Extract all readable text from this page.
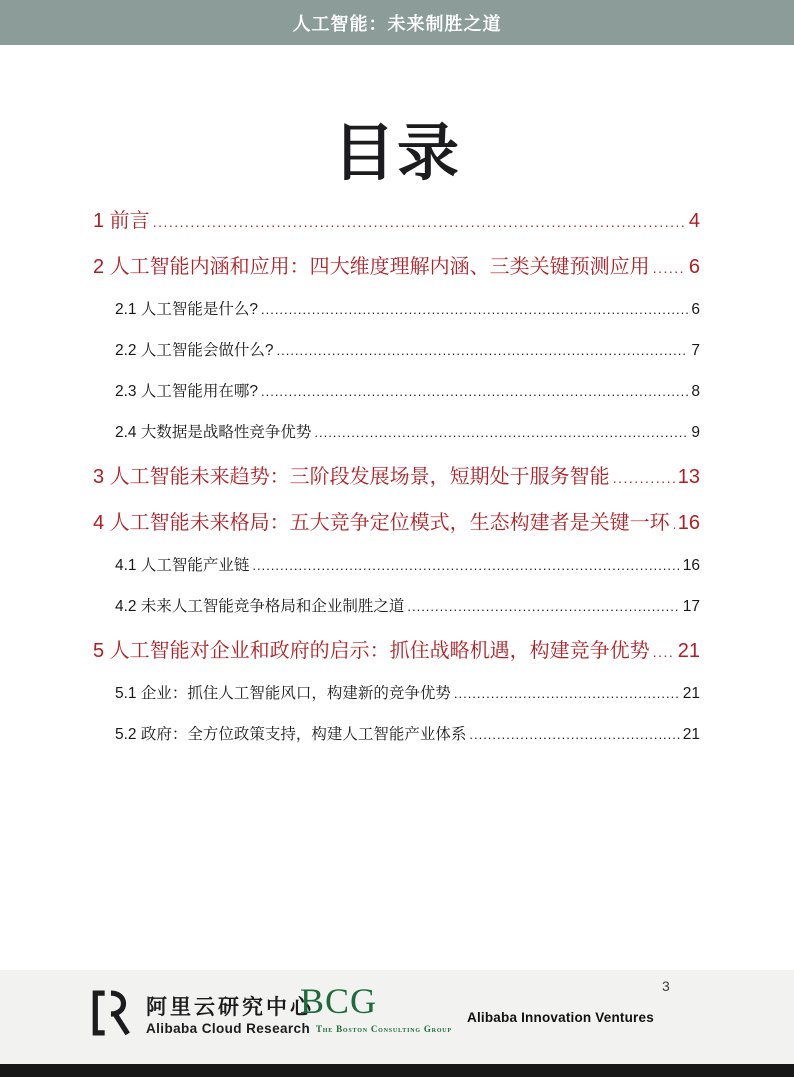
人工智能：未来制胜之道
目录
1 前言 .....	4
2 人工智能内涵和应用：四大维度理解内涵、三类关键预测应用 ..... 6
2.1 人工智能是什么? .....	6
2.2 人工智能会做什么? .....	7
2.3 人工智能用在哪? .....	8
2.4 大数据是战略性竞争优势 .....	9
3 人工智能未来趋势：三阶段发展场景，短期处于服务智能 .....	13
4 人工智能未来格局：五大竞争定位模式，生态构建者是关键一环 ..... 16
4.1 人工智能产业链 .....	16
4.2 未来人工智能竞争格局和企业制胜之道 .....	17
5 人工智能对企业和政府的启示：抓住战略机遇，构建竞争优势 ..... 21
5.1 企业：抓住人工智能风口，构建新的竞争优势 .....	21
5.2 政府：全方位政策支持，构建人工智能产业体系 .....	21
3
阿里云研究中心
Alibaba Cloud Research
BCG
The Boston Consulting Group
Alibaba Innovation Ventures
